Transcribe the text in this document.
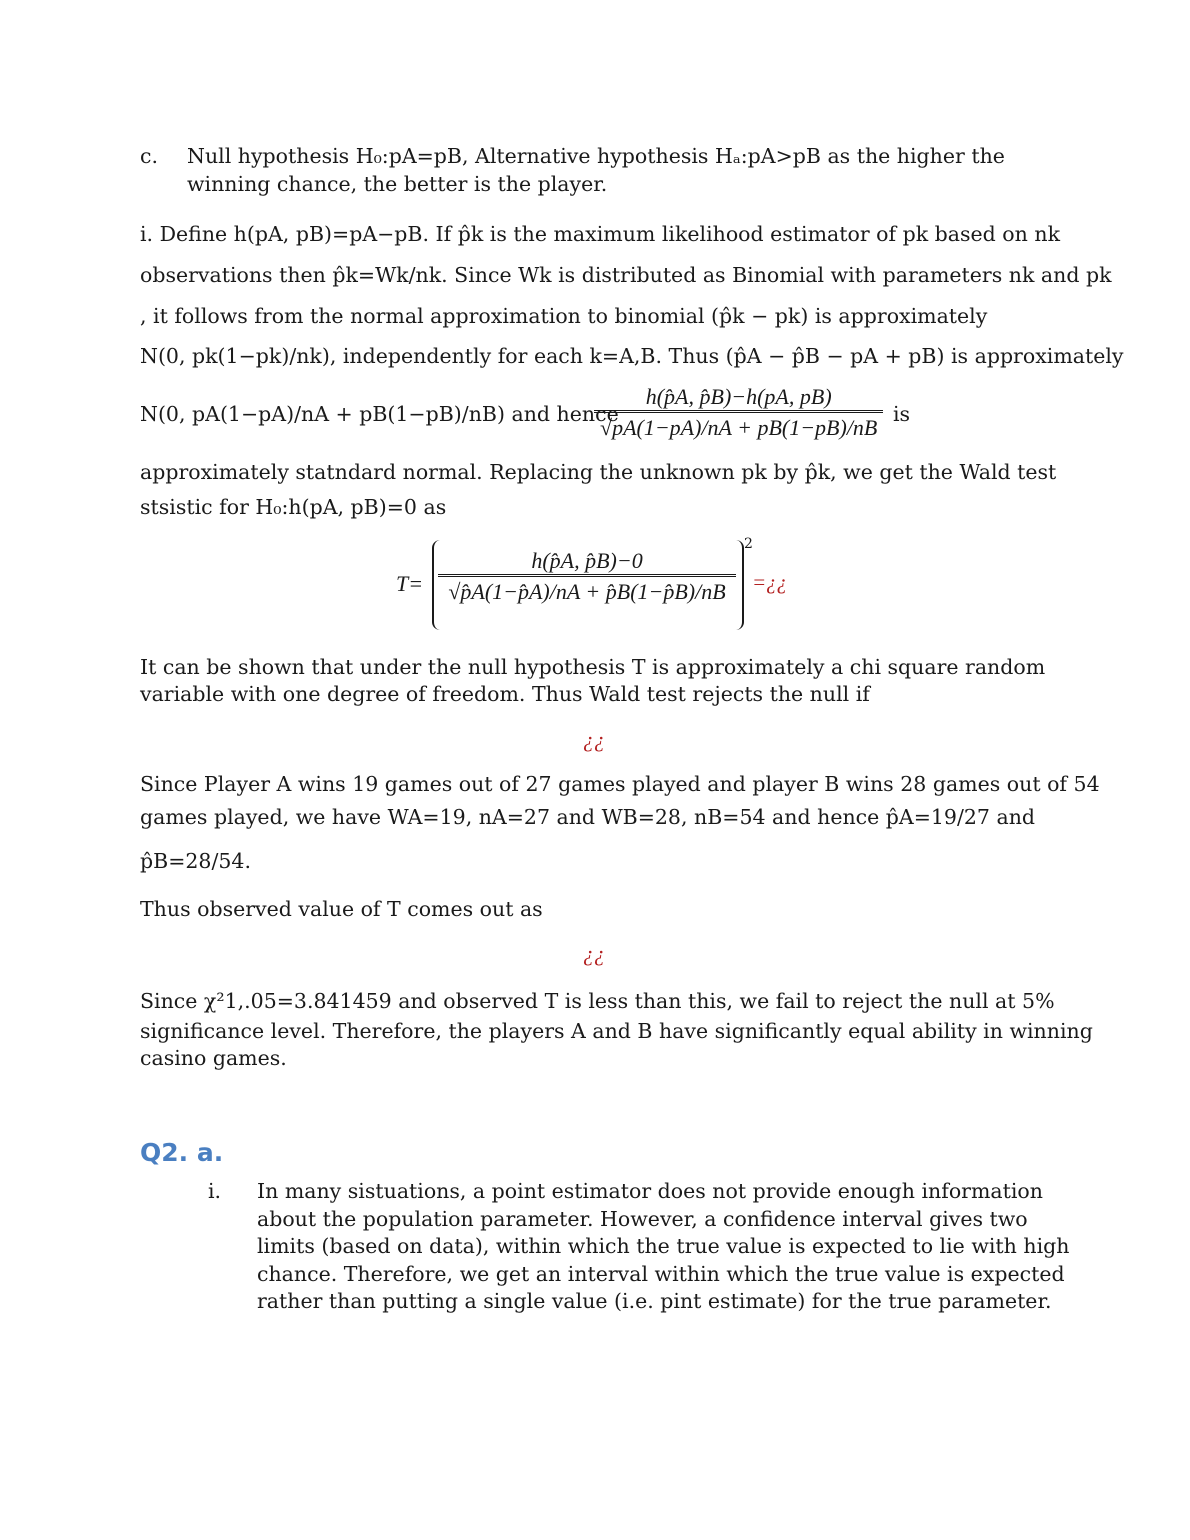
c. Null hypothesis H₀:pA=pB, Alternative hypothesis Hₐ:pA>pB as the higher the
winning chance, the better is the player.
i. Define h(pA, pB)=pA−pB. If p̂k is the maximum likelihood estimator of pk based on nk
observations then p̂k=Wk/nk. Since Wk is distributed as Binomial with parameters nk and pk
, it follows from the normal approximation to binomial (p̂k − pk) is approximately
N(0, pk(1−pk)/nk), independently for each k=A,B. Thus (p̂A − p̂B − pA + pB) is approximately
N(0, pA(1−pA)/nA + pB(1−pB)/nB) and hence
$\frac{h(p̂A, p̂B)-h(pA, pB)}{√pA(1-pA)/nA + pB(1-pB)/nB}$ is
approximately statndard normal. Replacing the unknown pk by p̂k, we get the Wald test
stsistic for H₀:h(pA, pB)=0 as
$T= \frac{h(p̂A, p̂B)-0}{√p̂A(1-p̂A)/nA + p̂B(1-p̂B)/nB}$
2
=¿¿
It can be shown that under the null hypothesis T is approximately a chi square random
variable with one degree of freedom. Thus Wald test rejects the null if
¿¿
Since Player A wins 19 games out of 27 games played and player B wins 28 games out of 54
games played, we have WA=19, nA=27 and WB=28, nB=54 and hence p̂A=19/27 and
p̂B=28/54.
Thus observed value of T comes out as
¿¿
Since χ²1,.05=3.841459 and observed T is less than this, we fail to reject the null at 5%
significance level. Therefore, the players A and B have significantly equal ability in winning
casino games.
Q2. a.
i. In many sistuations, a point estimator does not provide enough information
about the population parameter. However, a confidence interval gives two
limits (based on data), within which the true value is expected to lie with high
chance. Therefore, we get an interval within which the true value is expected
rather than putting a single value (i.e. pint estimate) for the true parameter.
